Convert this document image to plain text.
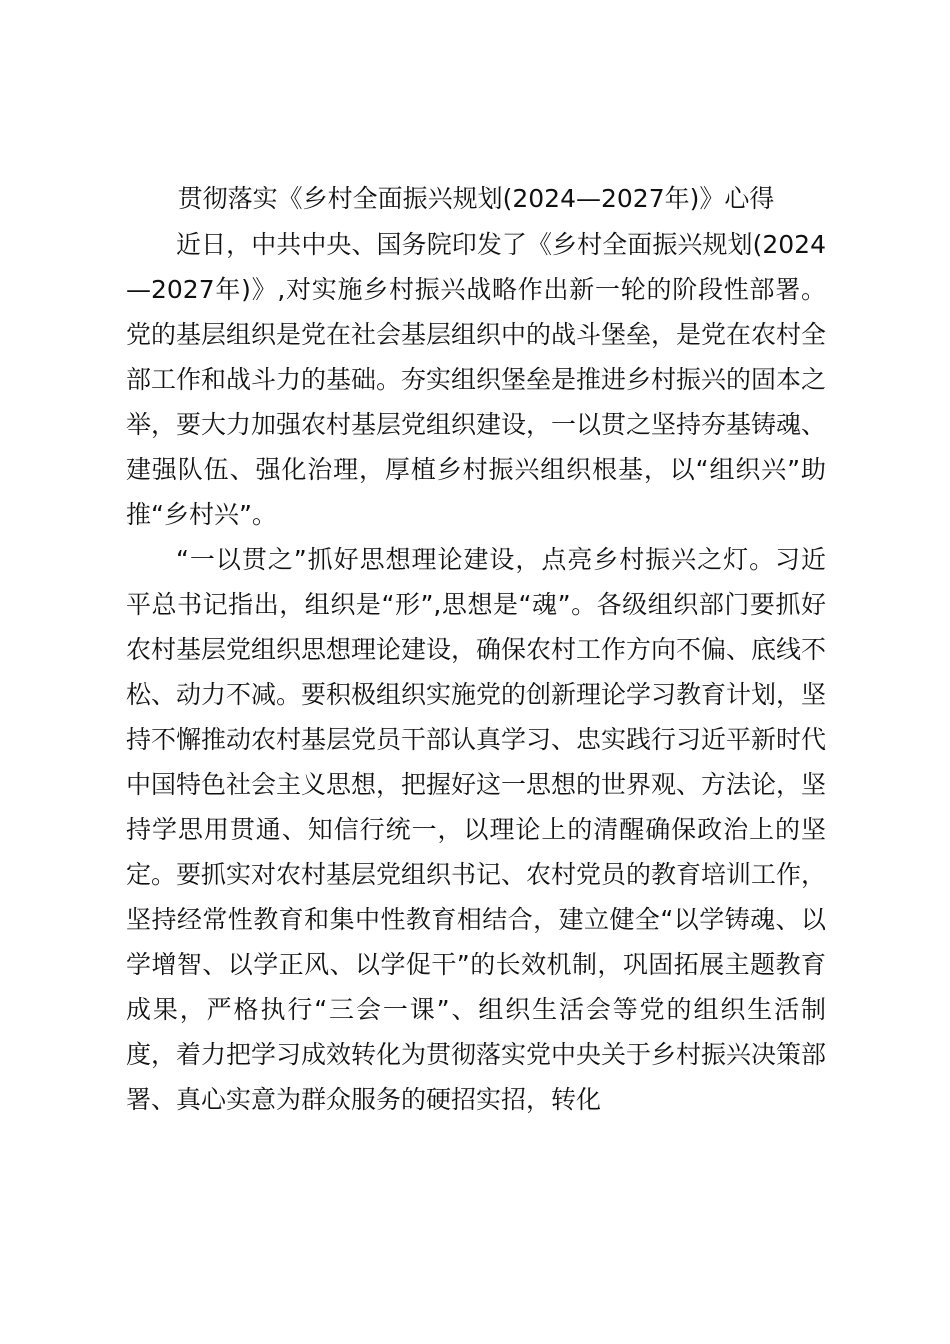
贯彻落实《乡村全面振兴规划(2024—2027年)》心得

近日，中共中央、国务院印发了《乡村全面振兴规划(2024—2027年)》,对实施乡村振兴战略作出新一轮的阶段性部署。党的基层组织是党在社会基层组织中的战斗堡垒，是党在农村全部工作和战斗力的基础。夯实组织堡垒是推进乡村振兴的固本之举，要大力加强农村基层党组织建设，一以贯之坚持夯基铸魂、建强队伍、强化治理，厚植乡村振兴组织根基，以“组织兴”助推“乡村兴”。

“一以贯之”抓好思想理论建设，点亮乡村振兴之灯。习近平总书记指出，组织是“形”,思想是“魂”。各级组织部门要抓好农村基层党组织思想理论建设，确保农村工作方向不偏、底线不松、动力不减。要积极组织实施党的创新理论学习教育计划，坚持不懈推动农村基层党员干部认真学习、忠实践行习近平新时代中国特色社会主义思想，把握好这一思想的世界观、方法论，坚持学思用贯通、知信行统一，以理论上的清醒确保政治上的坚定。要抓实对农村基层党组织书记、农村党员的教育培训工作，坚持经常性教育和集中性教育相结合，建立健全“以学铸魂、以学增智、以学正风、以学促干”的长效机制，巩固拓展主题教育成果，严格执行“三会一课”、组织生活会等党的组织生活制度，着力把学习成效转化为贯彻落实党中央关于乡村振兴决策部署、真心实意为群众服务的硬招实招，转化
